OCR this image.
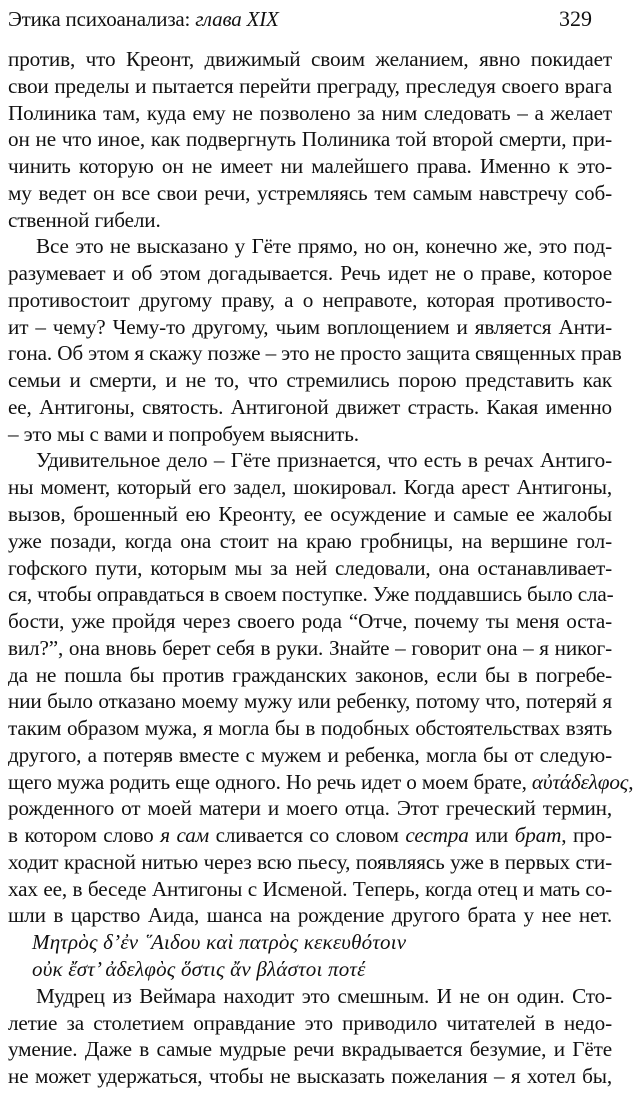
Этика психоанализа: глава XIX	329
против, что Креонт, движимый своим желанием, явно покидает
свои пределы и пытается перейти преграду, преследуя своего врага
Полиника там, куда ему не позволено за ним следовать – а желает
он не что иное, как подвергнуть Полиника той второй смерти, при-
чинить которую он не имеет ни малейшего права. Именно к это-
му ведет он все свои речи, устремляясь тем самым навстречу соб-
ственной гибели.
Все это не высказано у Гёте прямо, но он, конечно же, это под-
разумевает и об этом догадывается. Речь идет не о праве, которое
противостоит другому праву, а о неправоте, которая противосто-
ит – чему? Чему-то другому, чьим воплощением и является Анти-
гона. Об этом я скажу позже – это не просто защита священных прав
семьи и смерти, и не то, что стремились порою представить как
ее, Антигоны, святость. Антигоной движет страсть. Какая именно
– это мы с вами и попробуем выяснить.
Удивительное дело – Гёте признается, что есть в речах Антиго-
ны момент, который его задел, шокировал. Когда арест Антигоны,
вызов, брошенный ею Креонту, ее осуждение и самые ее жалобы
уже позади, когда она стоит на краю гробницы, на вершине гол-
гофского пути, которым мы за ней следовали, она останавливает-
ся, чтобы оправдаться в своем поступке. Уже поддавшись было сла-
бости, уже пройдя через своего рода “Отче, почему ты меня оста-
вил?”, она вновь берет себя в руки. Знайте – говорит она – я никог-
да не пошла бы против гражданских законов, если бы в погребе-
нии было отказано моему мужу или ребенку, потому что, потеряй я
таким образом мужа, я могла бы в подобных обстоятельствах взять
другого, а потеряв вместе с мужем и ребенка, могла бы от следую-
щего мужа родить еще одного. Но речь идет о моем брате, αὐτάδελφος,
рожденного от моей матери и моего отца. Этот греческий термин,
в котором слово я сам сливается со словом сестра или брат, про-
ходит красной нитью через всю пьесу, появляясь уже в первых сти-
хах ее, в беседе Антигоны с Исменой. Теперь, когда отец и мать со-
шли в царство Аида, шанса на рождение другого брата у нее нет.
Μητρὸς δ’ἐν ῞Αιδου καὶ πατρὸς κεκευθότοιν
οὐκ ἔστ’ ἀδελφὸς ὅστις ἄν βλάστοι ποτέ
Мудрец из Веймара находит это смешным. И не он один. Сто-
летие за столетием оправдание это приводило читателей в недо-
умение. Даже в самые мудрые речи вкрадывается безумие, и Гёте
не может удержаться, чтобы не высказать пожелания – я хотел бы,
